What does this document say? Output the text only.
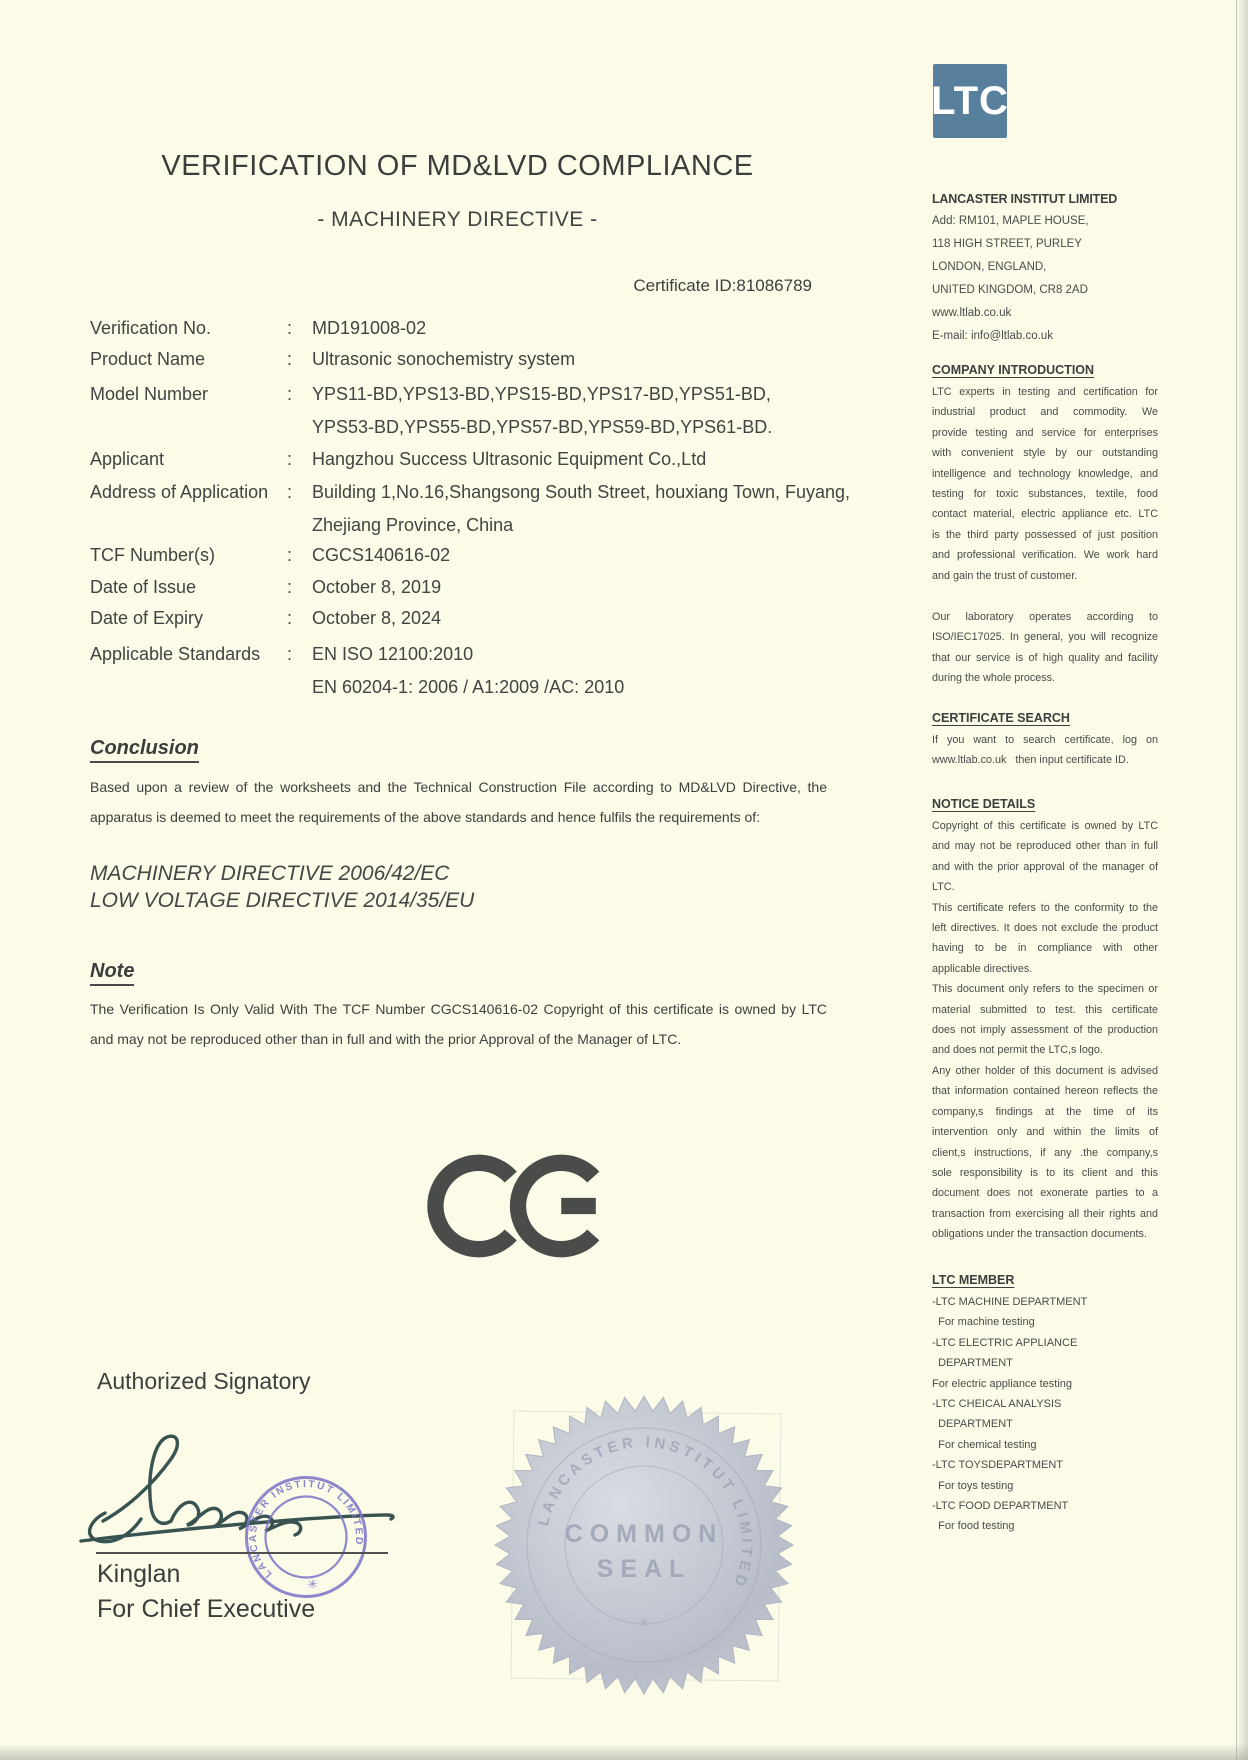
LTC
VERIFICATION OF MD&LVD COMPLIANCE
- MACHINERY DIRECTIVE -
Certificate ID:81086789
Verification No.	: MD191008-02
Product Name	: Ultrasonic sonochemistry system
Model Number	: YPS11-BD,YPS13-BD,YPS15-BD,YPS17-BD,YPS51-BD,
YPS53-BD,YPS55-BD,YPS57-BD,YPS59-BD,YPS61-BD.
Applicant	: Hangzhou Success Ultrasonic Equipment Co.,Ltd
Address of Application : Building 1,No.16,Shangsong South Street, houxiang Town, Fuyang,
Zhejiang Province, China
TCF Number(s)	: CGCS140616-02
Date of Issue	: October 8, 2019
Date of Expiry	: October 8, 2024
Applicable Standards : EN ISO 12100:2010
EN 60204-1: 2006 / A1:2009 /AC: 2010
Conclusion
Based upon a review of the worksheets and the Technical Construction File according to MD&LVD Directive, the
apparatus is deemed to meet the requirements of the above standards and hence fulfils the requirements of:
MACHINERY DIRECTIVE 2006/42/EC
LOW VOLTAGE DIRECTIVE 2014/35/EU
Note
The Verification Is Only Valid With The TCF Number CGCS140616-02 Copyright of this certificate is owned by LTC
and may not be reproduced other than in full and with the prior Approval of the Manager of LTC.
Authorized Signatory
LANCASTER INSTITUT LIMITED
✳
Kinglan
For Chief Executive
LANCASTER INSTITUT LIMITED
COMMON
SEAL
✳
LANCASTER INSTITUT LIMITED
Add: RM101, MAPLE HOUSE,
118 HIGH STREET, PURLEY
LONDON, ENGLAND,
UNITED KINGDOM, CR8 2AD
www.ltlab.co.uk
E-mail: info@ltlab.co.uk
COMPANY INTRODUCTION
LTC experts in testing and certification for
industrial product and commodity. We
provide testing and service for enterprises
with convenient style by our outstanding
intelligence and technology knowledge, and
testing for toxic substances, textile, food
contact material, electric appliance etc. LTC
is the third party possessed of just position
and professional verification. We work hard
and gain the trust of customer.
Our laboratory operates according to
ISO/IEC17025. In general, you will recognize
that our service is of high quality and facility
during the whole process.
CERTIFICATE SEARCH
If you want to search certificate, log on
www.ltlab.co.uk   then input certificate ID.
NOTICE DETAILS
Copyright of this certificate is owned by LTC
and may not be reproduced other than in full
and with the prior approval of the manager of
LTC.
This certificate refers to the conformity to the
left directives. It does not exclude the product
having to be in compliance with other
applicable directives.
This document only refers to the specimen or
material submitted to test. this certificate
does not imply assessment of the production
and does not permit the LTC,s logo.
Any other holder of this document is advised
that information contained hereon reflects the
company,s findings at the time of its
intervention only and within the limits of
client,s instructions, if any .the company,s
sole responsibility is to its client and this
document does not exonerate parties to a
transaction from exercising all their rights and
obligations under the transaction documents.
LTC MEMBER
-LTC MACHINE DEPARTMENT
For machine testing
-LTC ELECTRIC APPLIANCE
DEPARTMENT
For electric appliance testing
-LTC CHEICAL ANALYSIS
DEPARTMENT
For chemical testing
-LTC TOYSDEPARTMENT
For toys testing
-LTC FOOD DEPARTMENT
For food testing
